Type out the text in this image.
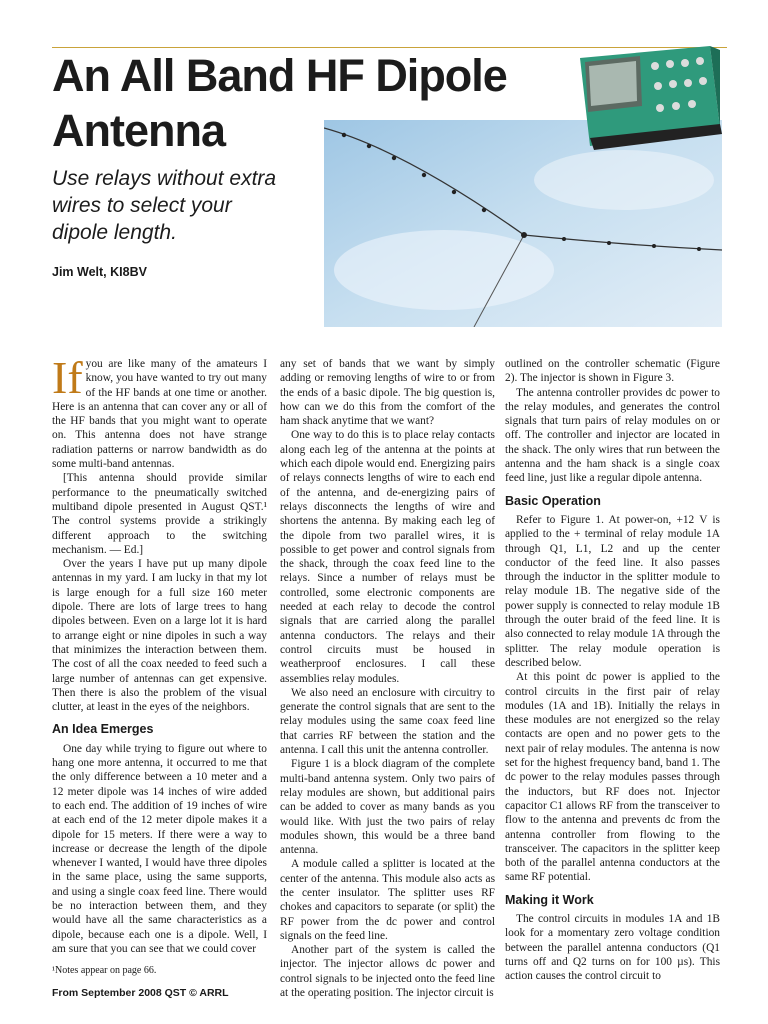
An All Band HF Dipole Antenna

Use relays without extra wires to select your dipole length.

Jim Welt, KI8BV
If you are like many of the amateurs I know, you have wanted to try out many of the HF bands at one time or another. Here is an antenna that can cover any or all of the HF bands that you might want to operate on. This antenna does not have strange radiation patterns or narrow bandwidth as do some multi-band antennas.

[This antenna should provide similar performance to the pneumatically switched multiband dipole presented in August QST.¹ The control systems provide a strikingly different approach to the switching mechanism. — Ed.]

Over the years I have put up many dipole antennas in my yard. I am lucky in that my lot is large enough for a full size 160 meter dipole. There are lots of large trees to hang dipoles between. Even on a large lot it is hard to arrange eight or nine dipoles in such a way that minimizes the interaction between them. The cost of all the coax needed to feed such a large number of antennas can get expensive. Then there is also the problem of the visual clutter, at least in the eyes of the neighbors.

An Idea Emerges

One day while trying to figure out where to hang one more antenna, it occurred to me that the only difference between a 10 meter and a 12 meter dipole was 14 inches of wire added to each end. The addition of 19 inches of wire at each end of the 12 meter dipole makes it a dipole for 15 meters. If there were a way to increase or decrease the length of the dipole whenever I wanted, I would have three dipoles in the same place, using the same supports, and using a single coax feed line. There would be no interaction between them, and they would have all the same characteristics as a dipole, because each one is a dipole. Well, I am sure that you can see that we could cover

any set of bands that we want by simply adding or removing lengths of wire to or from the ends of a basic dipole. The big question is, how can we do this from the comfort of the ham shack anytime that we want?

One way to do this is to place relay contacts along each leg of the antenna at the points at which each dipole would end. Energizing pairs of relays connects lengths of wire to each end of the antenna, and de-energizing pairs of relays disconnects the lengths of wire and shortens the antenna. By making each leg of the dipole from two parallel wires, it is possible to get power and control signals from the shack, through the coax feed line to the relays. Since a number of relays must be controlled, some electronic components are needed at each relay to decode the control signals that are carried along the parallel antenna conductors. The relays and their control circuits must be housed in weatherproof enclosures. I call these assemblies relay modules.

We also need an enclosure with circuitry to generate the control signals that are sent to the relay modules using the same coax feed line that carries RF between the station and the antenna. I call this unit the antenna controller.

Figure 1 is a block diagram of the complete multi-band antenna system. Only two pairs of relay modules are shown, but additional pairs can be added to cover as many bands as you would like. With just the two pairs of relay modules shown, this would be a three band antenna.

A module called a splitter is located at the center of the antenna. This module also acts as the center insulator. The splitter uses RF chokes and capacitors to separate (or split) the RF power from the dc power and control signals on the feed line.

Another part of the system is called the injector. The injector allows dc power and control signals to be injected onto the feed line at the operating position. The injector circuit is

outlined on the controller schematic (Figure 2). The injector is shown in Figure 3.

The antenna controller provides dc power to the relay modules, and generates the control signals that turn pairs of relay modules on or off. The controller and injector are located in the shack. The only wires that run between the antenna and the ham shack is a single coax feed line, just like a regular dipole antenna.

Basic Operation

Refer to Figure 1. At power-on, +12 V is applied to the + terminal of relay module 1A through Q1, L1, L2 and up the center conductor of the feed line. It also passes through the inductor in the splitter module to relay module 1B. The negative side of the power supply is connected to relay module 1B through the outer braid of the feed line. It is also connected to relay module 1A through the splitter. The relay module operation is described below.

At this point dc power is applied to the control circuits in the first pair of relay modules (1A and 1B). Initially the relays in these modules are not energized so the relay contacts are open and no power gets to the next pair of relay modules. The antenna is now set for the highest frequency band, band 1. The dc power to the relay modules passes through the inductors, but RF does not. Injector capacitor C1 allows RF from the transceiver to flow to the antenna and prevents dc from the antenna controller from flowing to the transceiver. The capacitors in the splitter keep both of the parallel antenna conductors at the same RF potential.

Making it Work

The control circuits in modules 1A and 1B look for a momentary zero voltage condition between the parallel antenna conductors (Q1 turns off and Q2 turns on for 100 µs). This action causes the control circuit to

¹Notes appear on page 66.
From September 2008 QST © ARRL
